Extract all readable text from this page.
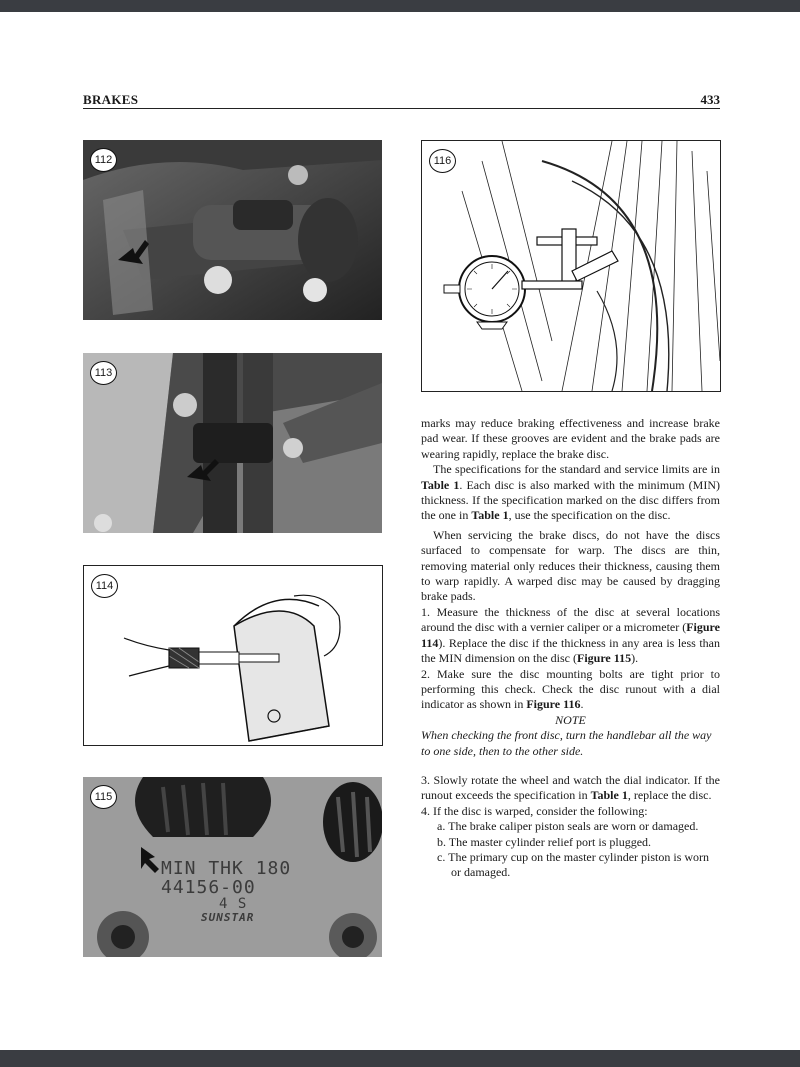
BRAKES	433
112
113
114
MIN THK 180
44156-00
4 S
SUNSTAR
115
116

marks may reduce braking effectiveness and increase brake pad wear. If these grooves are evident and the brake pads are wearing rapidly, replace the brake disc.

The specifications for the standard and service limits are in Table 1. Each disc is also marked with the minimum (MIN) thickness. If the specification marked on the disc differs from the one in Table 1, use the specification on the disc.

When servicing the brake discs, do not have the discs surfaced to compensate for warp. The discs are thin, removing material only reduces their thickness, causing them to warp rapidly. A warped disc may be caused by dragging brake pads.

1. Measure the thickness of the disc at several locations around the disc with a vernier caliper or a micrometer (Figure 114). Replace the disc if the thickness in any area is less than the MIN dimension on the disc (Figure 115).

2. Make sure the disc mounting bolts are tight prior to performing this check. Check the disc runout with a dial indicator as shown in Figure 116.

NOTE

When checking the front disc, turn the handlebar all the way to one side, then to the other side.

3. Slowly rotate the wheel and watch the dial indicator. If the runout exceeds the specification in Table 1, replace the disc.

4. If the disc is warped, consider the following:

a. The brake caliper piston seals are worn or damaged.

b. The master cylinder relief port is plugged.

c. The primary cup on the master cylinder piston is worn or damaged.
